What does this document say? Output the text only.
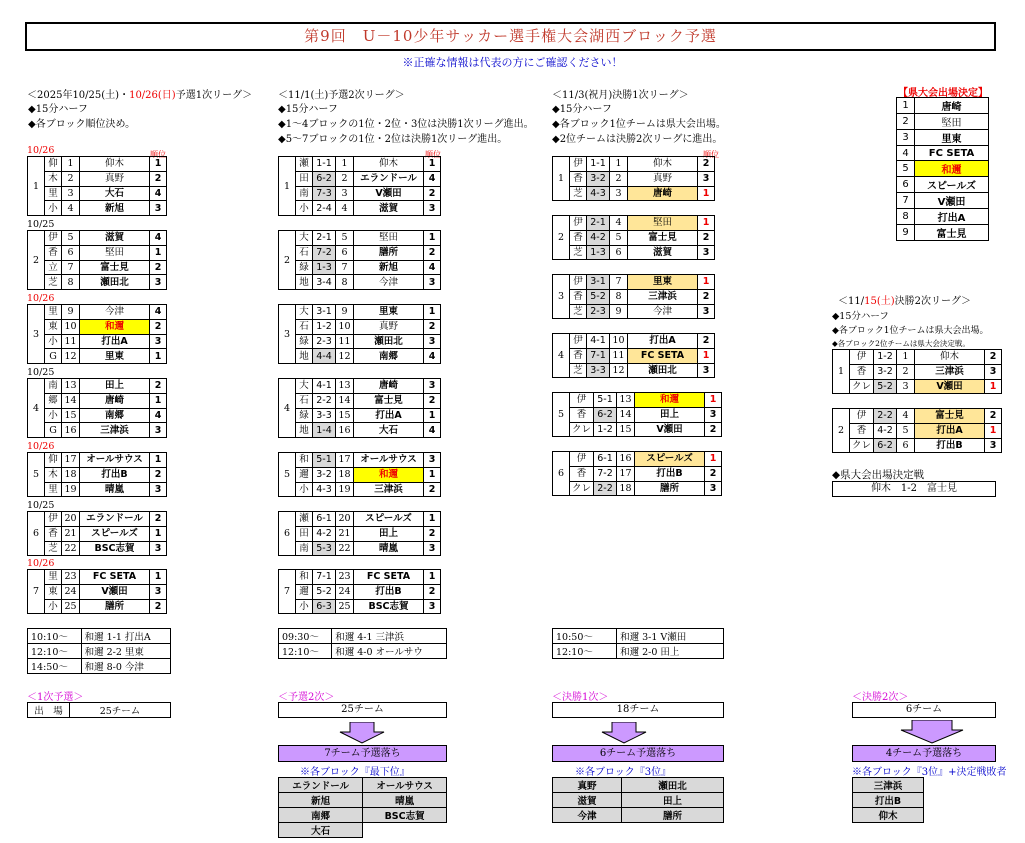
第9回　U－10少年サッカー選手権大会湖西ブロック予選
※正確な情報は代表の方にご確認ください！
＜2025年10/25(土)・10/26(日)予選1次リーグ＞
◆15分ハーフ
◆各ブロック順位決め。
＜11/1(土)予選2次リーグ＞
◆15分ハーフ
◆1～4ブロックの1位・2位・3位は決勝1次リーグ進出。
◆5～7ブロックの1位・2位は決勝1次リーグ進出。
＜11/3(祝月)決勝1次リーグ＞
◆15分ハーフ
◆各ブロック1位チームは県大会出場。
◆2位チームは決勝2次リーグに進出。
＜11/15(土)決勝2次リーグ＞
◆15分ハーフ
◆各ブロック1位チームは県大会出場。
◆各ブロック2位チームは県大会決定戦。
【県大会出場決定】
1	唐崎
2	堅田
3	里東
4	FC SETA
5	和邇
6	スピールズ
7	V瀬田
8	打出A
9	富士見
10/26	順位
1	仰	1	仰木	1
	木	2	真野	2
	里	3	大石	4
	小	4	新旭	3
10/25
2	伊	5	滋賀	4
	香	6	堅田	1
	立	7	富士見	2
	芝	8	瀬田北	3
10/26
3	里	9	今津	4
	東	10	和邇	2
	小	11	打出A	3
	G	12	里東	1
10/25
4	南	13	田上	2
	郷	14	唐崎	1
	小	15	南郷	4
	G	16	三津浜	3
10/26
5	仰	17	オールサウス	1
	木	18	打出B	2
	里	19	晴嵐	3
10/25
6	伊	20	エランドール	2
	香	21	スピールズ	1
	芝	22	BSC志賀	3
10/26
7	里	23	FC SETA	1
	東	24	V瀬田	3
	小	25	膳所	2
順位
1	瀬	1-1	1	仰木	1
	田	6-2	2	エランドール	4
	南	7-3	3	V瀬田	2
	小	2-4	4	滋賀	3
2	大	2-1	5	堅田	1
	石	7-2	6	膳所	2
	緑	1-3	7	新旭	4
	地	3-4	8	今津	3
3	大	3-1	9	里東	1
	石	1-2	10	真野	2
	緑	2-3	11	瀬田北	3
	地	4-4	12	南郷	4
4	大	4-1	13	唐崎	3
	石	2-2	14	富士見	2
	緑	3-3	15	打出A	1
	地	1-4	16	大石	4
5	和	5-1	17	オールサウス	3
	邇	3-2	18	和邇	1
	小	4-3	19	三津浜	2
6	瀬	6-1	20	スピールズ	1
	田	4-2	21	田上	2
	南	5-3	22	晴嵐	3
7	和	7-1	23	FC SETA	1
	邇	5-2	24	打出B	2
	小	6-3	25	BSC志賀	3
順位
1	伊	1-1	1	仰木	2
	香	3-2	2	真野	3
	芝	4-3	3	唐崎	1
2	伊	2-1	4	堅田	1
	香	4-2	5	富士見	2
	芝	1-3	6	滋賀	3
3	伊	3-1	7	里東	1
	香	5-2	8	三津浜	2
	芝	2-3	9	今津	3
4	伊	4-1	10	打出A	2
	香	7-1	11	FC SETA	1
	芝	3-3	12	瀬田北	3
5	伊	5-1	13	和邇	1
	香	6-2	14	田上	3
	クレ	1-2	15	V瀬田	2
6	伊	6-1	16	スピールズ	1
	香	7-2	17	打出B	2
	クレ	2-2	18	膳所	3
1	伊	1-2	1	仰木	2
	香	3-2	2	三津浜	3
	クレ	5-2	3	V瀬田	1
2	伊	2-2	4	富士見	2
	香	4-2	5	打出A	1
	クレ	6-2	6	打出B	3
◆県大会出場決定戦
仰木　1-2　富士見
10:10～	和邇 1-1 打出A
12:10～	和邇 2-2 里東
14:50～	和邇 8-0 今津
09:30～	和邇 4-1 三津浜
12:10～	和邇 4-0 オールサウ
10:50～	和邇 3-1 V瀬田
12:10～	和邇 2-0 田上
＜1次予選＞
出　場	25チーム
＜予選2次＞
25チーム
7チーム予選落ち
※各ブロック『最下位』
エランドール	オールサウス
新旭	晴嵐
南郷	BSC志賀
大石	
＜決勝1次＞
18チーム
6チーム予選落ち
※各ブロック『3位』
真野	瀬田北
滋賀	田上
今津	膳所
＜決勝2次＞
6チーム
4チーム予選落ち
※各ブロック『3位』+決定戦敗者
三津浜
打出B
仰木
